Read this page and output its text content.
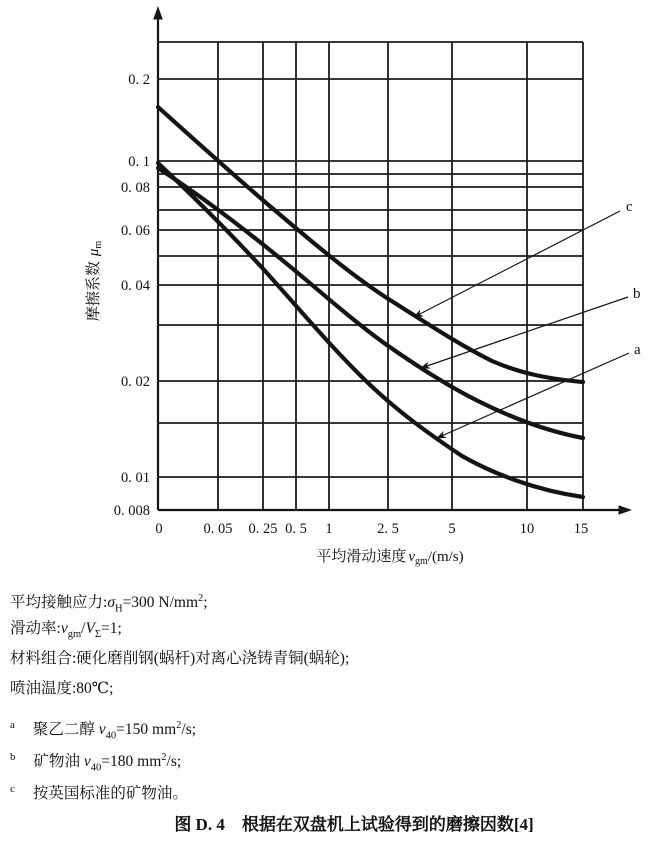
c
b
a
0. 2
0. 1
0. 08
0. 06
0. 04
0. 02
0. 01
0. 008
0	0. 05 0. 25 0. 5 1	2. 5	5	10	15
摩擦系数$\mu_m$
平均滑动速度 $v_{gm}/(m/s)$
平均接触应力$:\sigma_H=300$ $N/mm^2$;
滑动率$:v_{gm}/V_\Sigma=1$;
材料组合:硬化磨削钢(蜗杆)对离心浇铸青铜(蜗轮);
喷油温度:80℃;
$^a$ 聚乙二醇 $\nu_{40}=150$ $mm^2/s$;
$^b$ 矿物油 $\nu_{40}=180$ $mm^2/s$;
$^c$ 按英国标准的矿物油。
图 D. 4　根据在双盘机上试验得到的磨擦因数[4]
